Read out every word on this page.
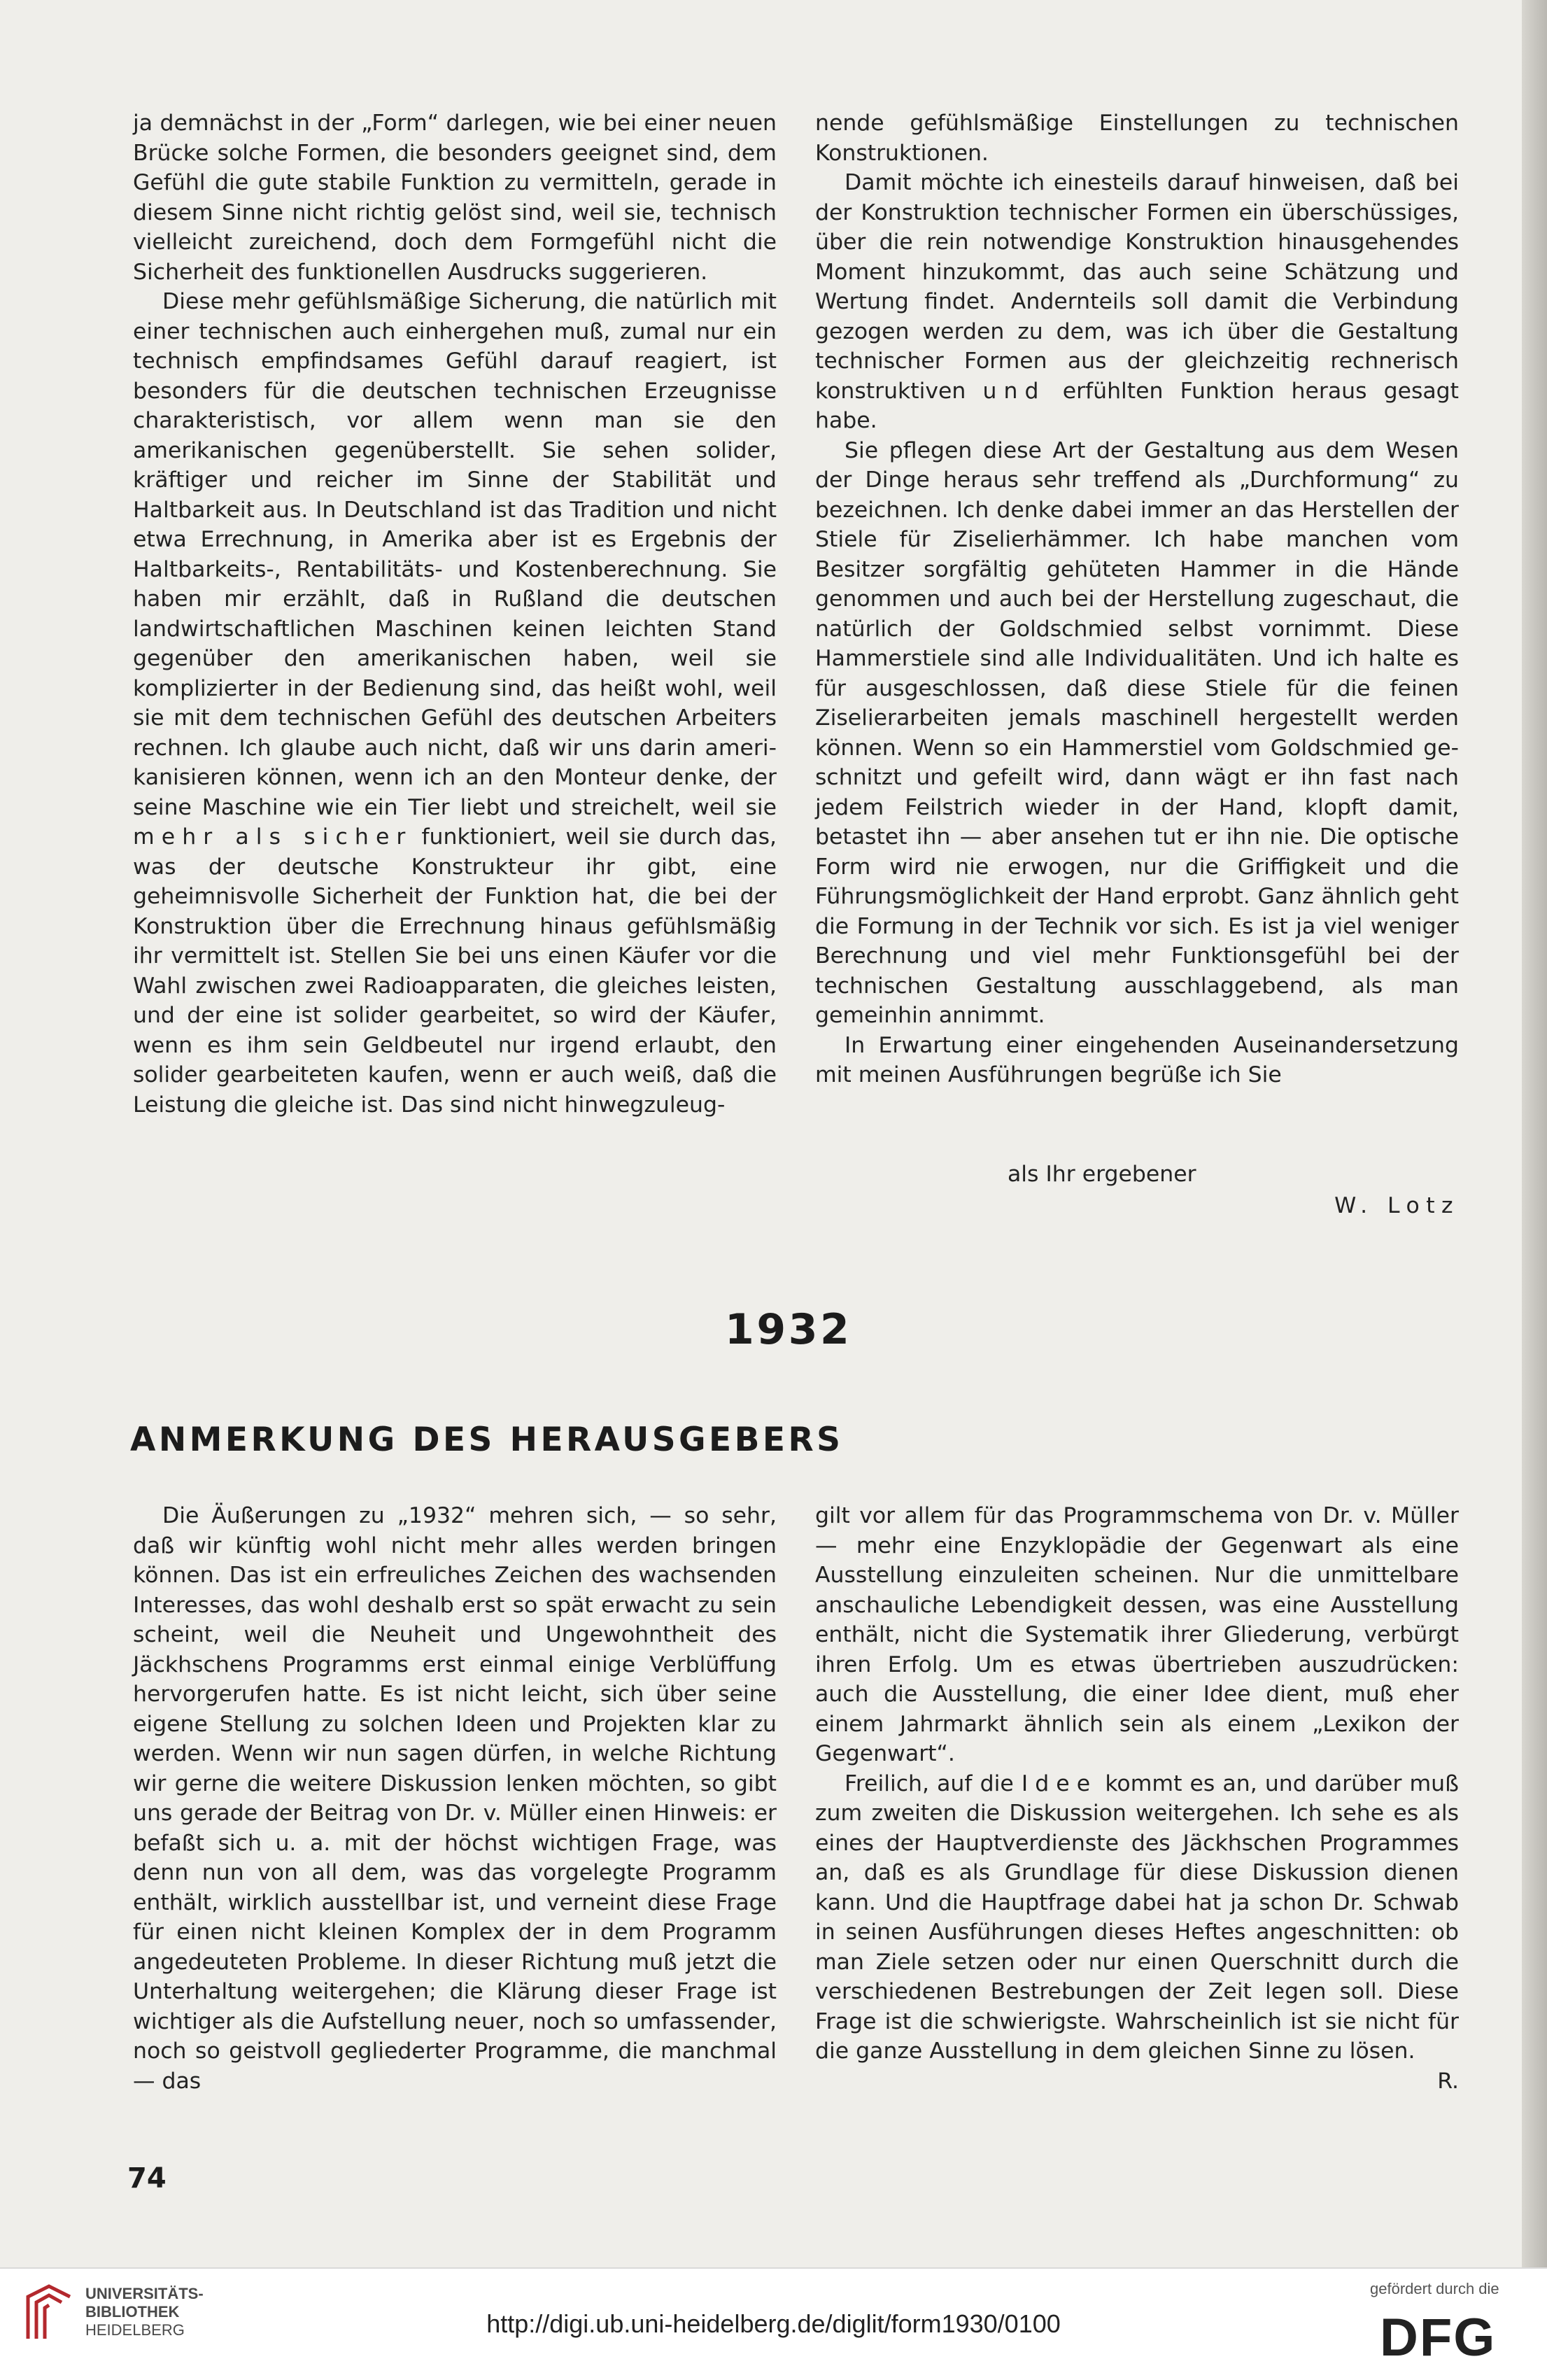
ja demnächst in der „Form“ darlegen, wie bei einer neuen Brücke solche Formen, die besonders geeignet sind, dem Gefühl die gute stabile Funktion zu vermitteln, gerade in diesem Sinne nicht richtig gelöst sind, weil sie, technisch vielleicht zureichend, doch dem Formgefühl nicht die Sicherheit des funktionellen Ausdrucks suggerieren.

Diese mehr gefühlsmäßige Sicherung, die natürlich mit einer technischen auch einhergehen muß, zumal nur ein technisch empfindsames Gefühl darauf reagiert, ist besonders für die deutschen technischen Erzeugnisse charakteristisch, vor allem wenn man sie den amerikanischen gegenüberstellt. Sie sehen solider, kräftiger und reicher im Sinne der Stabilität und Haltbarkeit aus. In Deutschland ist das Tradition und nicht etwa Errechnung, in Amerika aber ist es Ergebnis der Haltbarkeits-, Rentabilitäts- und Kostenberechnung. Sie haben mir erzählt, daß in Rußland die deutschen landwirtschaftlichen Maschinen keinen leichten Stand gegenüber den amerikanischen haben, weil sie komplizierter in der Bedienung sind, das heißt wohl, weil sie mit dem technischen Gefühl des deutschen Arbeiters rechnen. Ich glaube auch nicht, daß wir uns darin amerikanisieren können, wenn ich an den Monteur denke, der seine Maschine wie ein Tier liebt und streichelt, weil sie mehr als sicher funktioniert, weil sie durch das, was der deutsche Konstrukteur ihr gibt, eine geheimnisvolle Sicherheit der Funktion hat, die bei der Konstruktion über die Errechnung hinaus gefühlsmäßig ihr vermittelt ist. Stellen Sie bei uns einen Käufer vor die Wahl zwischen zwei Radioapparaten, die gleiches leisten, und der eine ist solider gearbeitet, so wird der Käufer, wenn es ihm sein Geldbeutel nur irgend erlaubt, den solider gearbeiteten kaufen, wenn er auch weiß, daß die Leistung die gleiche ist. Das sind nicht hinwegzuleug-

nende gefühlsmäßige Einstellungen zu technischen Konstruktionen.

Damit möchte ich einesteils darauf hinweisen, daß bei der Konstruktion technischer Formen ein überschüssiges, über die rein notwendige Konstruktion hinausgehendes Moment hinzukommt, das auch seine Schätzung und Wertung findet. Andernteils soll damit die Verbindung gezogen werden zu dem, was ich über die Gestaltung technischer Formen aus der gleichzeitig rechnerisch konstruktiven und erfühlten Funktion heraus gesagt habe.

Sie pflegen diese Art der Gestaltung aus dem Wesen der Dinge heraus sehr treffend als „Durchformung“ zu bezeichnen. Ich denke dabei immer an das Herstellen der Stiele für Ziselierhämmer. Ich habe manchen vom Besitzer sorgfältig gehüteten Hammer in die Hände genommen und auch bei der Herstellung zugeschaut, die natürlich der Goldschmied selbst vornimmt. Diese Hammerstiele sind alle Individualitäten. Und ich halte es für ausgeschlossen, daß diese Stiele für die feinen Ziselierarbeiten jemals maschinell hergestellt werden können. Wenn so ein Hammerstiel vom Goldschmied geschnitzt und gefeilt wird, dann wägt er ihn fast nach jedem Feilstrich wieder in der Hand, klopft damit, betastet ihn — aber ansehen tut er ihn nie. Die optische Form wird nie erwogen, nur die Griffigkeit und die Führungsmöglichkeit der Hand erprobt. Ganz ähnlich geht die Formung in der Technik vor sich. Es ist ja viel weniger Berechnung und viel mehr Funktionsgefühl bei der technischen Gestaltung ausschlaggebend, als man gemeinhin annimmt.

In Erwartung einer eingehenden Auseinandersetzung mit meinen Ausführungen begrüße ich Sie

als Ihr ergebener
W. Lotz
1932
ANMERKUNG DES HERAUSGEBERS

Die Äußerungen zu „1932“ mehren sich, — so sehr, daß wir künftig wohl nicht mehr alles werden bringen können. Das ist ein erfreuliches Zeichen des wachsenden Interesses, das wohl deshalb erst so spät erwacht zu sein scheint, weil die Neuheit und Ungewohntheit des Jäckhschens Programms erst einmal einige Verblüffung hervorgerufen hatte. Es ist nicht leicht, sich über seine eigene Stellung zu solchen Ideen und Projekten klar zu werden. Wenn wir nun sagen dürfen, in welche Richtung wir gerne die weitere Diskussion lenken möchten, so gibt uns gerade der Beitrag von Dr. v. Müller einen Hinweis: er befaßt sich u. a. mit der höchst wichtigen Frage, was denn nun von all dem, was das vorgelegte Programm enthält, wirklich ausstellbar ist, und verneint diese Frage für einen nicht kleinen Komplex der in dem Programm angedeuteten Probleme. In dieser Richtung muß jetzt die Unterhaltung weitergehen; die Klärung dieser Frage ist wichtiger als die Aufstellung neuer, noch so umfassender, noch so geistvoll gegliederter Programme, die manchmal — das

gilt vor allem für das Programmschema von Dr. v. Müller — mehr eine Enzyklopädie der Gegenwart als eine Ausstellung einzuleiten scheinen. Nur die unmittelbare anschauliche Lebendigkeit dessen, was eine Ausstellung enthält, nicht die Systematik ihrer Gliederung, verbürgt ihren Erfolg. Um es etwas übertrieben auszudrücken: auch die Ausstellung, die einer Idee dient, muß eher einem Jahrmarkt ähnlich sein als einem „Lexikon der Gegenwart“.

Freilich, auf die Idee kommt es an, und darüber muß zum zweiten die Diskussion weitergehen. Ich sehe es als eines der Hauptverdienste des Jäckhschen Programmes an, daß es als Grundlage für diese Diskussion dienen kann. Und die Hauptfrage dabei hat ja schon Dr. Schwab in seinen Ausführungen dieses Heftes angeschnitten: ob man Ziele setzen oder nur einen Querschnitt durch die verschiedenen Bestrebungen der Zeit legen soll. Diese Frage ist die schwierigste. Wahrscheinlich ist sie nicht für die ganze Ausstellung in dem gleichen Sinne zu lösen.
R.

74
UNIVERSITÄTS-
BIBLIOTHEK
HEIDELBERG	http://digi.ub.uni-heidelberg.de/diglit/form1930/0100
gefördert durch die
DFG
